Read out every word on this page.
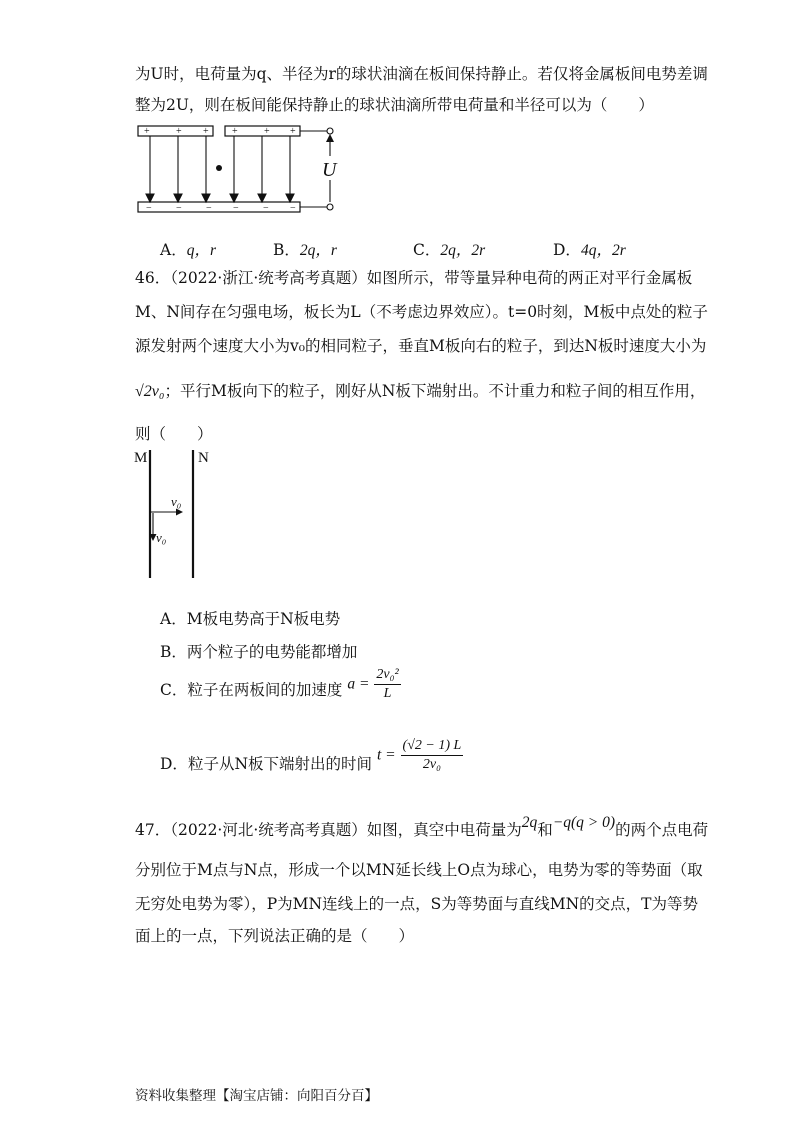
为U时，电荷量为q、半径为r的球状油滴在板间保持静止。若仅将金属板间电势差调
整为2U，则在板间能保持静止的球状油滴所带电荷量和半径可以为（　　）
+	+ + +	+ +
− − − − − −
U
A．q，r	B．2q，r	C．2q，2r	D．4q，2r
46．（2022·浙江·统考高考真题）如图所示，带等量异种电荷的两正对平行金属板
M、N间存在匀强电场，板长为L（不考虑边界效应）。t=0时刻，M板中点处的粒子
源发射两个速度大小为v₀的相同粒子，垂直M板向右的粒子，到达N板时速度大小为
√2v₀；平行M板向下的粒子，刚好从N板下端射出。不计重力和粒子间的相互作用，
则（　　）
M	N
v₀
v₀
A．M板电势高于N板电势
B．两个粒子的电势能都增加
C．粒子在两板间的加速度 $a = \frac{\text{2v₀²}}{L}$
D．粒子从N板下端射出的时间 $t = \frac{(√2 - 1) L}{\text{2v₀}}$
47．（2022·河北·统考高考真题）如图，真空中电荷量为2q和−q(q > 0)的两个点电荷
分别位于M点与N点，形成一个以MN延长线上O点为球心，电势为零的等势面（取
无穷处电势为零），P为MN连线上的一点，S为等势面与直线MN的交点，T为等势
面上的一点，下列说法正确的是（　　）
资料收集整理【淘宝店铺：向阳百分百】
